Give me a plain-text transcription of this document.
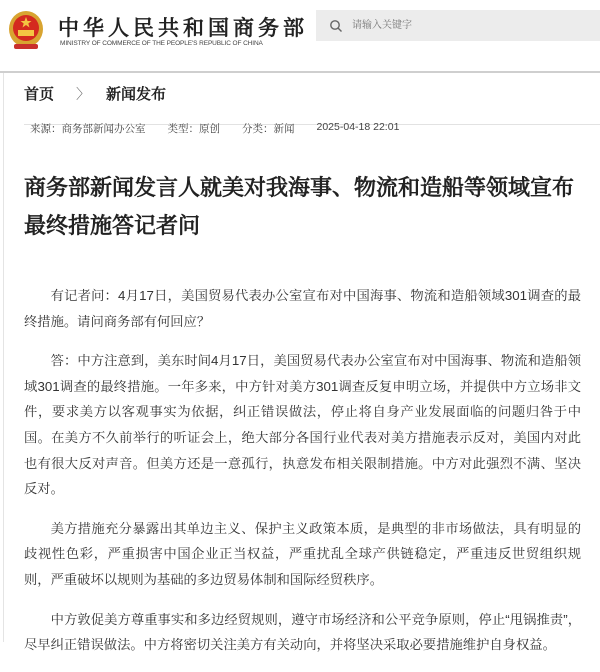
中华人民共和国商务部
MINISTRY OF COMMERCE OF THE PEOPLE'S REPUBLIC OF CHINA
请输入关键字
首页 〉 新闻发布
来源：商务部新闻办公室 类型：原创 分类：新闻 2025-04-18 22:01
商务部新闻发言人就美对我海事、物流和造船等领域宣布最终措施答记者问

有记者问：4月17日，美国贸易代表办公室宣布对中国海事、物流和造船领域301调查的最终措施。请问商务部有何回应？

答：中方注意到，美东时间4月17日，美国贸易代表办公室宣布对中国海事、物流和造船领域301调查的最终措施。一年多来，中方针对美方301调查反复申明立场，并提供中方立场非文件，要求美方以客观事实为依据，纠正错误做法，停止将自身产业发展面临的问题归咎于中国。在美方不久前举行的听证会上，绝大部分各国行业代表对美方措施表示反对，美国内对此也有很大反对声音。但美方还是一意孤行，执意发布相关限制措施。中方对此强烈不满、坚决反对。

美方措施充分暴露出其单边主义、保护主义政策本质，是典型的非市场做法，具有明显的歧视性色彩，严重损害中国企业正当权益，严重扰乱全球产供链稳定，严重违反世贸组织规则，严重破坏以规则为基础的多边贸易体制和国际经贸秩序。

中方敦促美方尊重事实和多边经贸规则，遵守市场经济和公平竞争原则，停止“甩锅推责”，尽早纠正错误做法。中方将密切关注美方有关动向，并将坚决采取必要措施维护自身权益。
